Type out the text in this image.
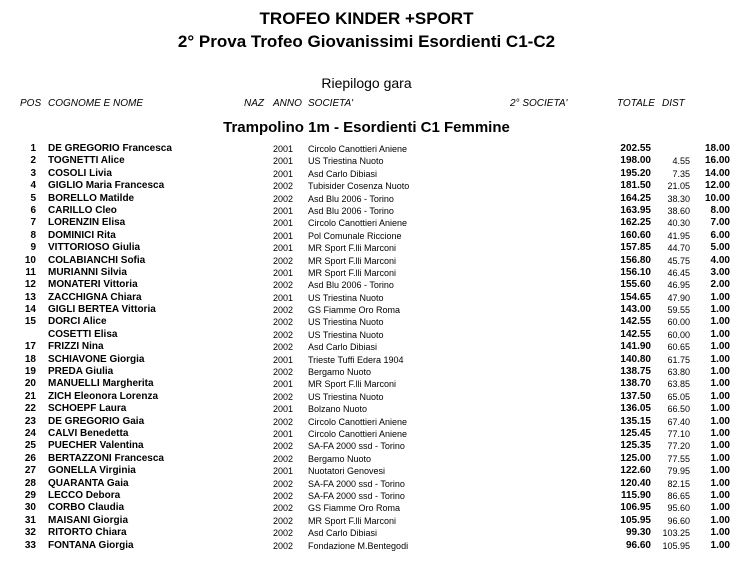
TROFEO KINDER +SPORT
2° Prova Trofeo Giovanissimi Esordienti C1-C2
Riepilogo gara
POS COGNOME E NOME	NAZ ANNO SOCIETA'	2° SOCIETA'	TOTALE DIST
Trampolino 1m - Esordienti C1 Femmine
1 DE GREGORIO Francesca	2001 Circolo Canottieri Aniene	202.55	18.00
2 TOGNETTI Alice	2001 US Triestina Nuoto	198.00	4.55	16.00
3 COSOLI Livia	2001 Asd Carlo Dibiasi	195.20	7.35	14.00
4 GIGLIO Maria Francesca	2002 Tubisider Cosenza Nuoto	181.50	21.05	12.00
5 BORELLO Matilde	2002 Asd Blu 2006 - Torino	164.25	38.30	10.00
6 CARILLO Cleo	2001 Asd Blu 2006 - Torino	163.95	38.60	8.00
7 LORENZIN Elisa	2001 Circolo Canottieri Aniene	162.25	40.30	7.00
8 DOMINICI Rita	2001 Pol Comunale Riccione	160.60	41.95	6.00
9 VITTORIOSO Giulia	2001 MR Sport F.lli Marconi	157.85	44.70	5.00
10 COLABIANCHI Sofia	2002 MR Sport F.lli Marconi	156.80	45.75	4.00
11 MURIANNI Silvia	2001 MR Sport F.lli Marconi	156.10	46.45	3.00
12 MONATERI Vittoria	2002 Asd Blu 2006 - Torino	155.60	46.95	2.00
13 ZACCHIGNA Chiara	2001 US Triestina Nuoto	154.65	47.90	1.00
14 GIGLI BERTEA Vittoria	2002 GS Fiamme Oro Roma	143.00	59.55	1.00
15 DORCI Alice	2002 US Triestina Nuoto	142.55	60.00	1.00
COSETTI Elisa	2002 US Triestina Nuoto	142.55	60.00	1.00
17 FRIZZI Nina	2002 Asd Carlo Dibiasi	141.90	60.65	1.00
18 SCHIAVONE Giorgia	2001 Trieste Tuffi Edera 1904	140.80	61.75	1.00
19 PREDA Giulia	2002 Bergamo Nuoto	138.75	63.80	1.00
20 MANUELLI Margherita	2001 MR Sport F.lli Marconi	138.70	63.85	1.00
21 ZICH Eleonora Lorenza	2002 US Triestina Nuoto	137.50	65.05	1.00
22 SCHOEPF Laura	2001 Bolzano Nuoto	136.05	66.50	1.00
23 DE GREGORIO Gaia	2002 Circolo Canottieri Aniene	135.15	67.40	1.00
24 CALVI Benedetta	2001 Circolo Canottieri Aniene	125.45	77.10	1.00
25 PUECHER Valentina	2002 SA-FA 2000 ssd - Torino	125.35	77.20	1.00
26 BERTAZZONI Francesca	2002 Bergamo Nuoto	125.00	77.55	1.00
27 GONELLA Virginia	2001 Nuotatori Genovesi	122.60	79.95	1.00
28 QUARANTA Gaia	2002 SA-FA 2000 ssd - Torino	120.40	82.15	1.00
29 LECCO Debora	2002 SA-FA 2000 ssd - Torino	115.90	86.65	1.00
30 CORBO Claudia	2002 GS Fiamme Oro Roma	106.95	95.60	1.00
31 MAISANI Giorgia	2002 MR Sport F.lli Marconi	105.95	96.60	1.00
32 RITORTO Chiara	2002 Asd Carlo Dibiasi	99.30	103.25	1.00
33 FONTANA Giorgia	2002 Fondazione M.Bentegodi	96.60	105.95	1.00
